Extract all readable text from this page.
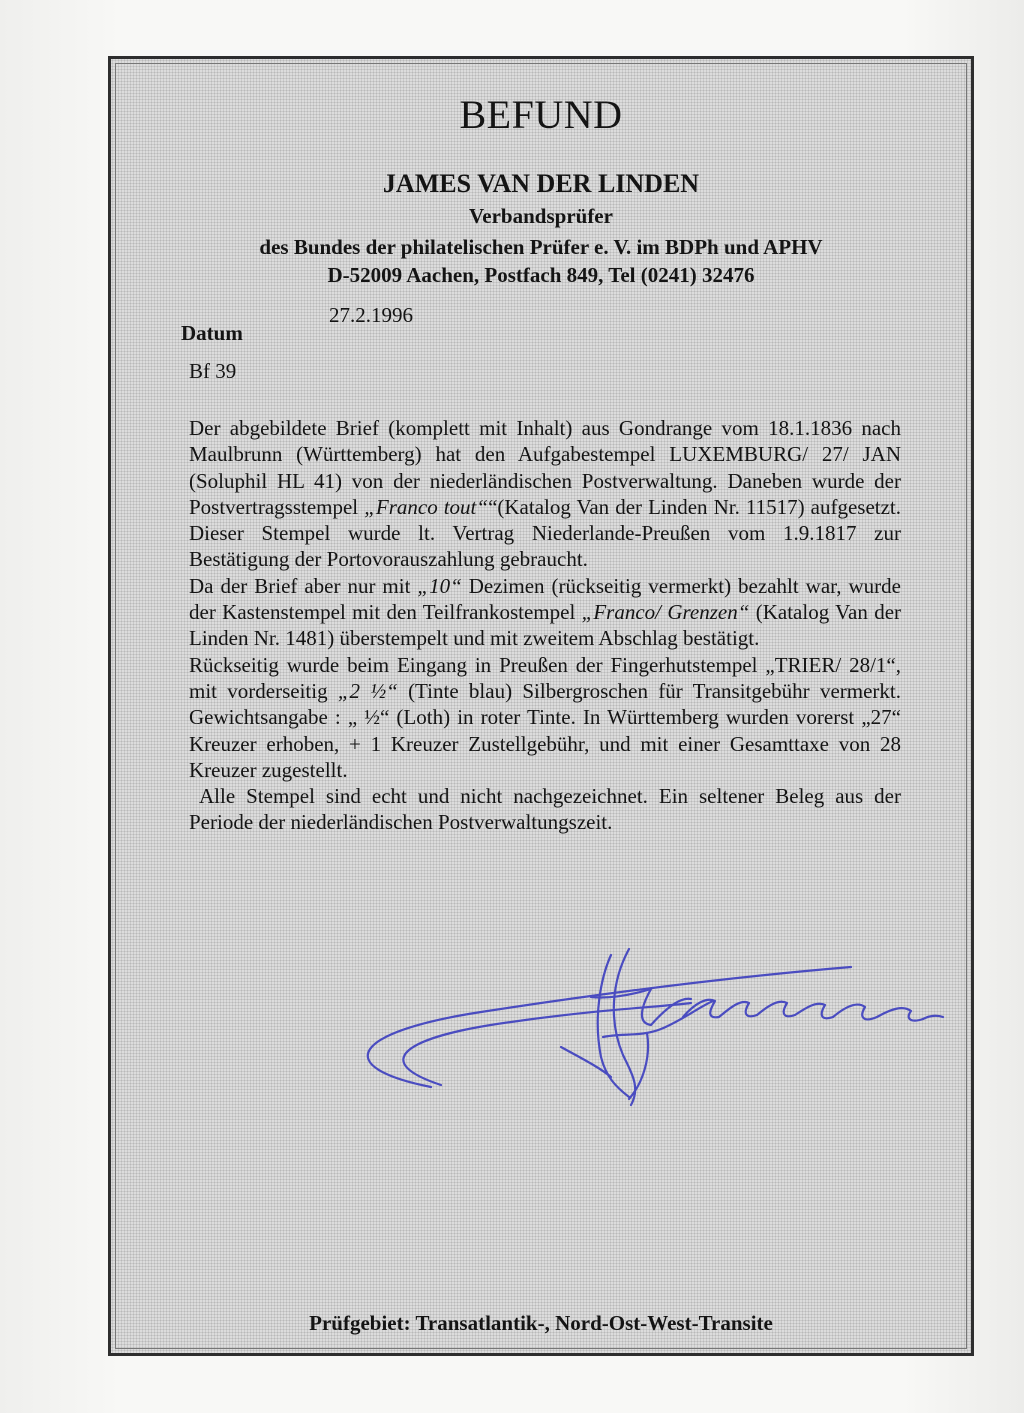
BEFUND
JAMES VAN DER LINDEN
Verbandsprüfer
des Bundes der philatelischen Prüfer e. V. im BDPh und APHV
D-52009 Aachen, Postfach 849, Tel (0241) 32476
27.2.1996
Datum
Bf 39

Der abgebildete Brief (komplett mit Inhalt) aus Gondrange vom 18.1.1836 nach Maulbrunn (Württemberg) hat den Aufgabestempel LUXEMBURG/ 27/ JAN (Soluphil HL 41) von der niederländischen Postverwaltung. Daneben wurde der Postvertragsstempel „Franco tout““(Katalog Van der Linden Nr. 11517) aufgesetzt. Dieser Stempel wurde lt. Vertrag Niederlande-Preußen vom 1.9.1817 zur Bestätigung der Portovorauszahlung gebraucht.

Da der Brief aber nur mit „10“ Dezimen (rückseitig vermerkt) bezahlt war, wurde der Kastenstempel mit den Teilfrankostempel „Franco/ Grenzen“ (Katalog Van der Linden Nr. 1481) überstempelt und mit zweitem Abschlag bestätigt.

Rückseitig wurde beim Eingang in Preußen der Fingerhutstempel „TRIER/ 28/1“, mit vorderseitig „2 ½“ (Tinte blau) Silbergroschen für Transitgebühr vermerkt. Gewichtsangabe : „ ½“ (Loth) in roter Tinte. In Württemberg wurden vorerst „27“ Kreuzer erhoben, + 1 Kreuzer Zustellgebühr, und mit einer Gesamttaxe von 28 Kreuzer zugestellt.

Alle Stempel sind echt und nicht nachgezeichnet. Ein seltener Beleg aus der Periode der niederländischen Postverwaltungszeit.

Prüfgebiet: Transatlantik-, Nord-Ost-West-Transite
